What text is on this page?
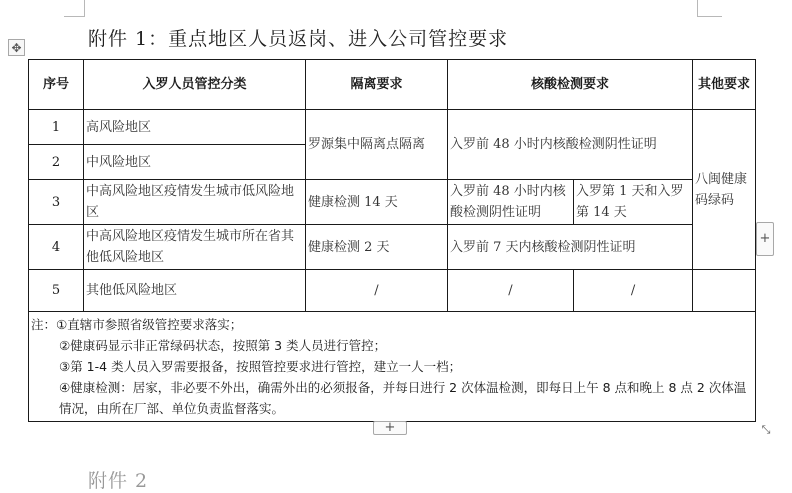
✥	附件 1：重点地区人员返岗、进入公司管控要求
序号	入罗人员管控分类	隔离要求	核酸检测要求		其他要求
1	高风险地区	罗源集中隔离点隔离	入罗前 48 小时内核酸检测阴性证明		八闽健康码绿码
2	中风险地区				
3	中高风险地区疫情发生城市低风险地区	健康检测 14 天	入罗前 48 小时内核酸检测阴性证明	入罗第 1 天和入罗第 14 天	
4	中高风险地区疫情发生城市所在省其他低风险地区	健康检测 2 天	入罗前 7 天内核酸检测阴性证明		
5	其他低风险地区	/	/	/	

注：①直辖市参照省级管控要求落实；
②健康码显示非正常绿码状态，按照第 3 类人员进行管控；
③第 1-4 类人员入罗需要报备，按照管控要求进行管控，建立一人一档；
④健康检测：居家，非必要不外出，确需外出的必须报备，并每日进行 2 次体温检测，即每日上午 8 点和晚上 8 点 2 次体温情况，由所在厂部、单位负责监督落实。					
+
+	⤡
附件 2
